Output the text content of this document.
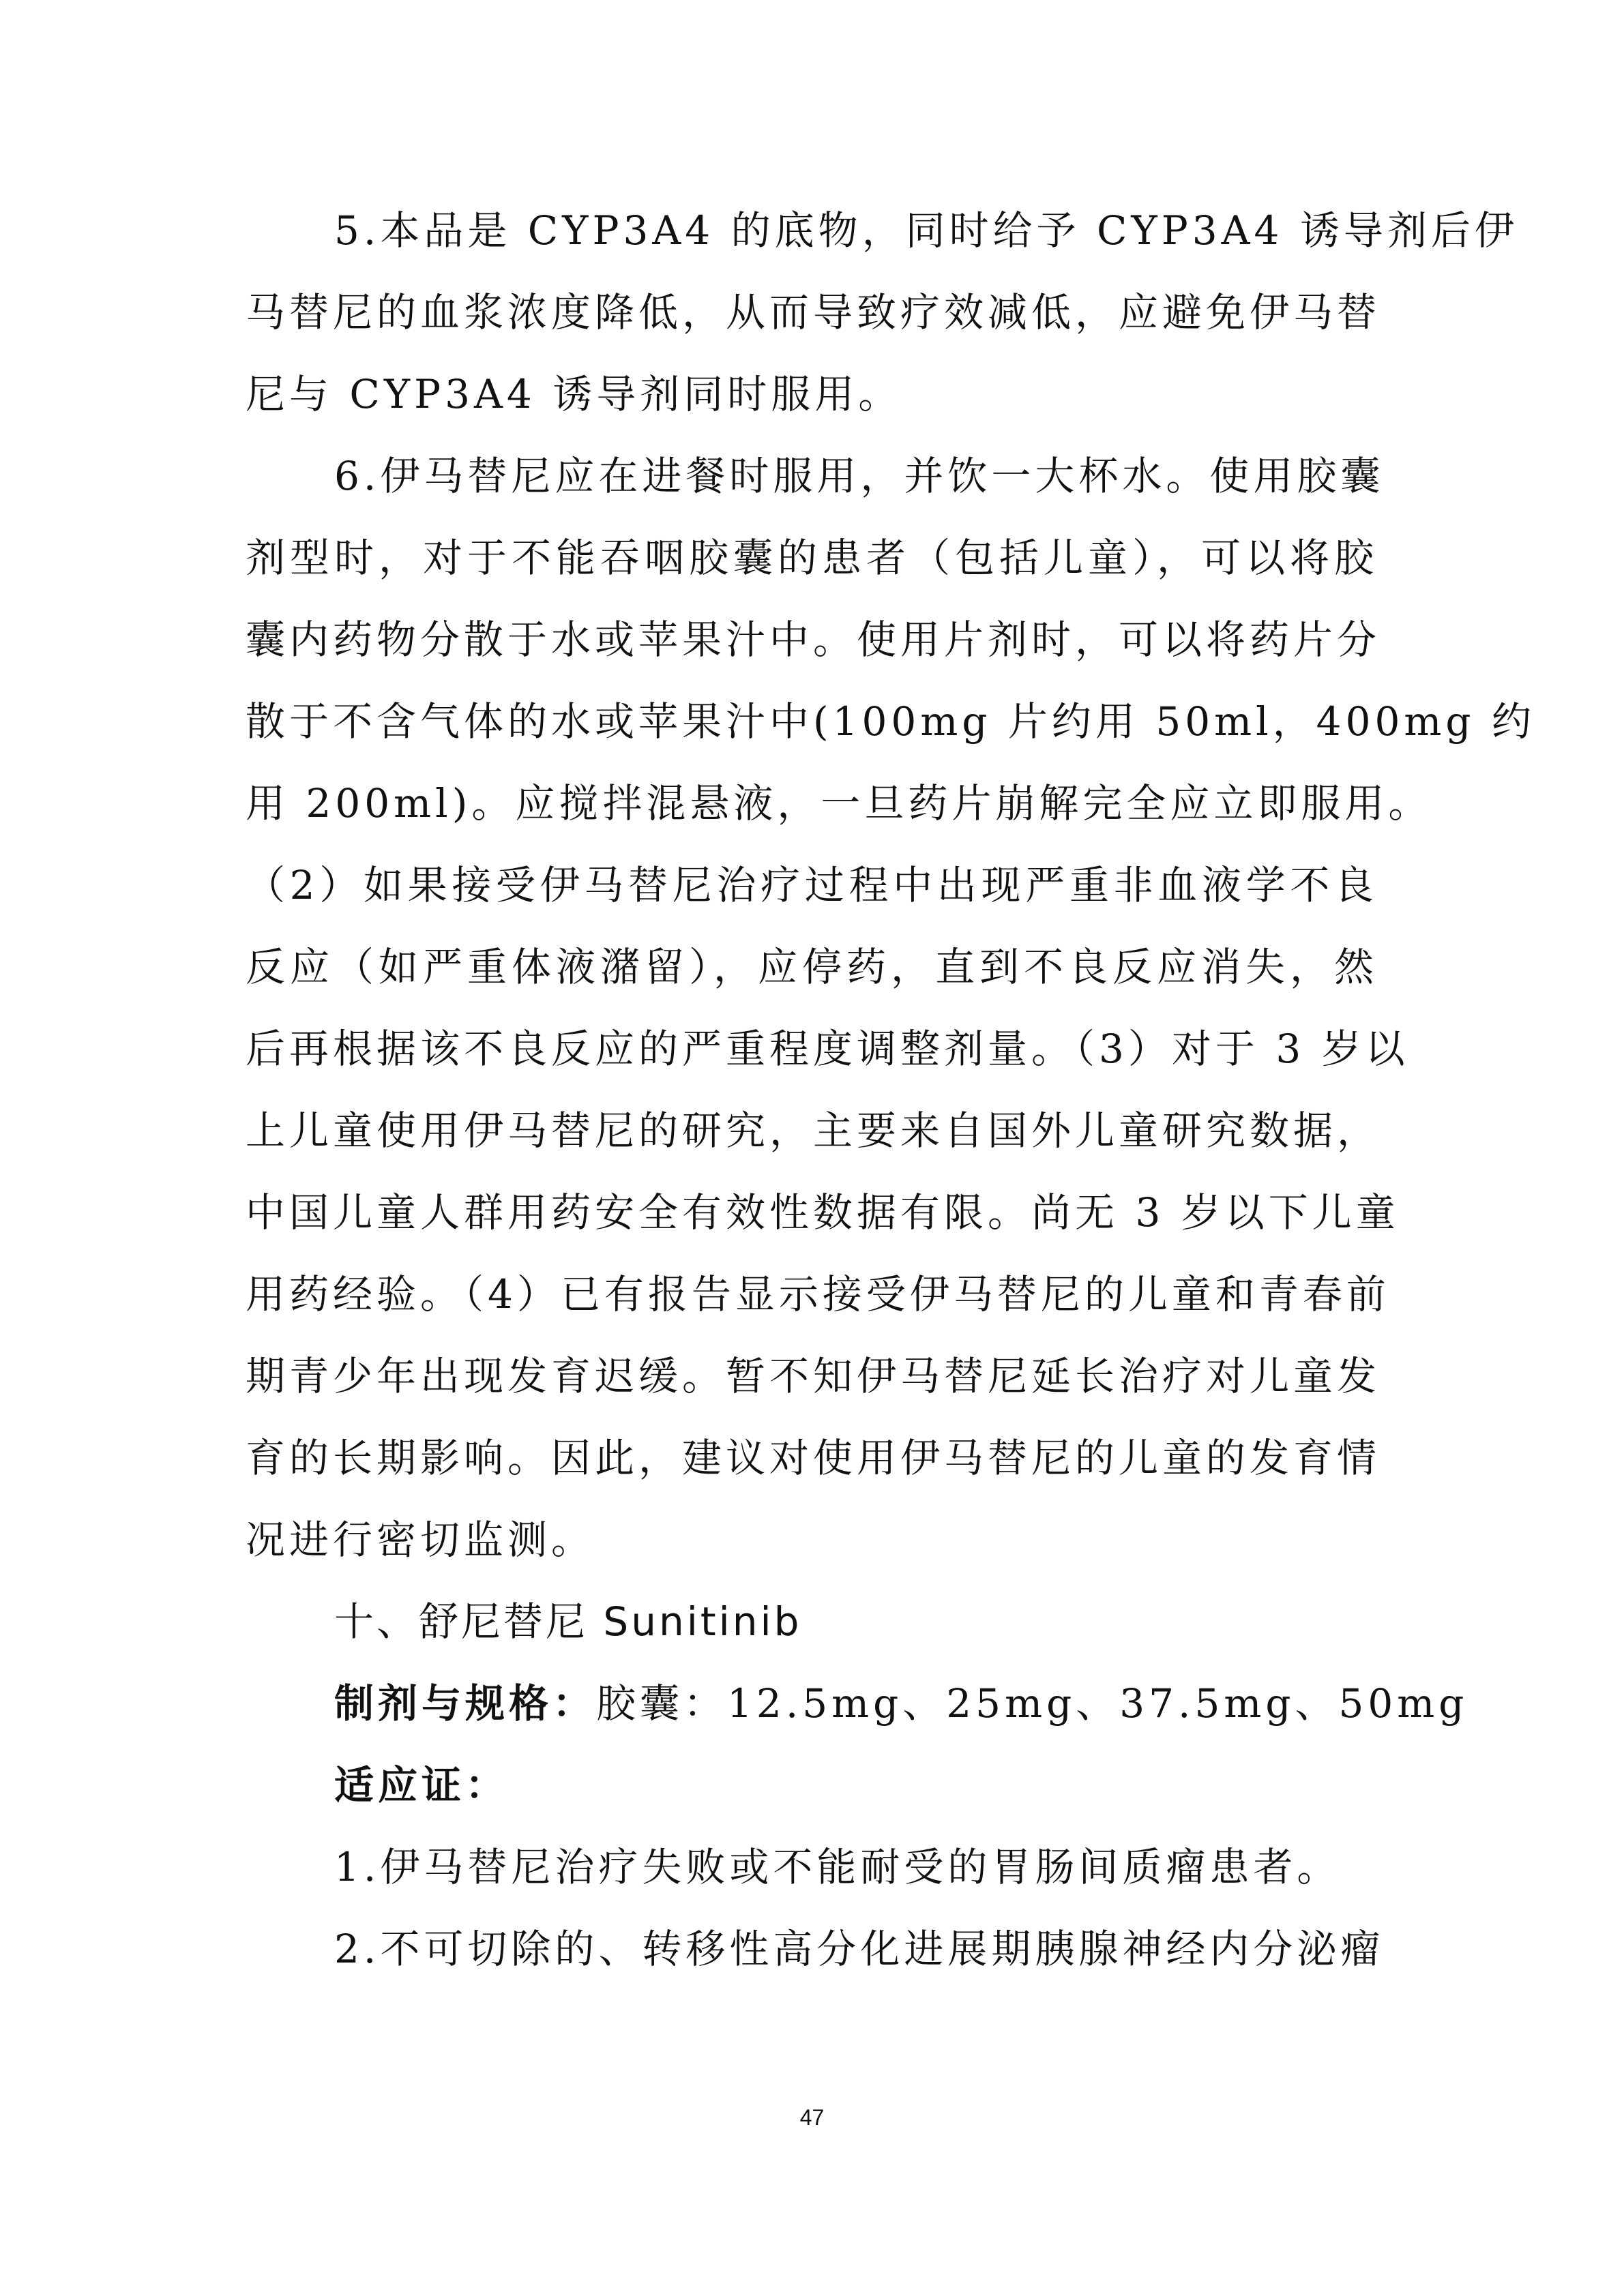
5.本品是 CYP3A4 的底物，同时给予 CYP3A4 诱导剂后伊
马替尼的血浆浓度降低，从而导致疗效减低，应避免伊马替
尼与 CYP3A4 诱导剂同时服用。
6.伊马替尼应在进餐时服用，并饮一大杯水。使用胶囊
剂型时，对于不能吞咽胶囊的患者（包括儿童），可以将胶
囊内药物分散于水或苹果汁中。使用片剂时，可以将药片分
散于不含气体的水或苹果汁中(100mg 片约用 50ml，400mg 约
用 200ml)。应搅拌混悬液，一旦药片崩解完全应立即服用。
（2）如果接受伊马替尼治疗过程中出现严重非血液学不良
反应（如严重体液潴留），应停药，直到不良反应消失，然
后再根据该不良反应的严重程度调整剂量。（3）对于 3 岁以
上儿童使用伊马替尼的研究，主要来自国外儿童研究数据，
中国儿童人群用药安全有效性数据有限。尚无 3 岁以下儿童
用药经验。（4）已有报告显示接受伊马替尼的儿童和青春前
期青少年出现发育迟缓。暂不知伊马替尼延长治疗对儿童发
育的长期影响。因此，建议对使用伊马替尼的儿童的发育情
况进行密切监测。
十、舒尼替尼 Sunitinib
制剂与规格：胶囊：12.5mg、25mg、37.5mg、50mg
适应证：
1.伊马替尼治疗失败或不能耐受的胃肠间质瘤患者。
2.不可切除的、转移性高分化进展期胰腺神经内分泌瘤
47
